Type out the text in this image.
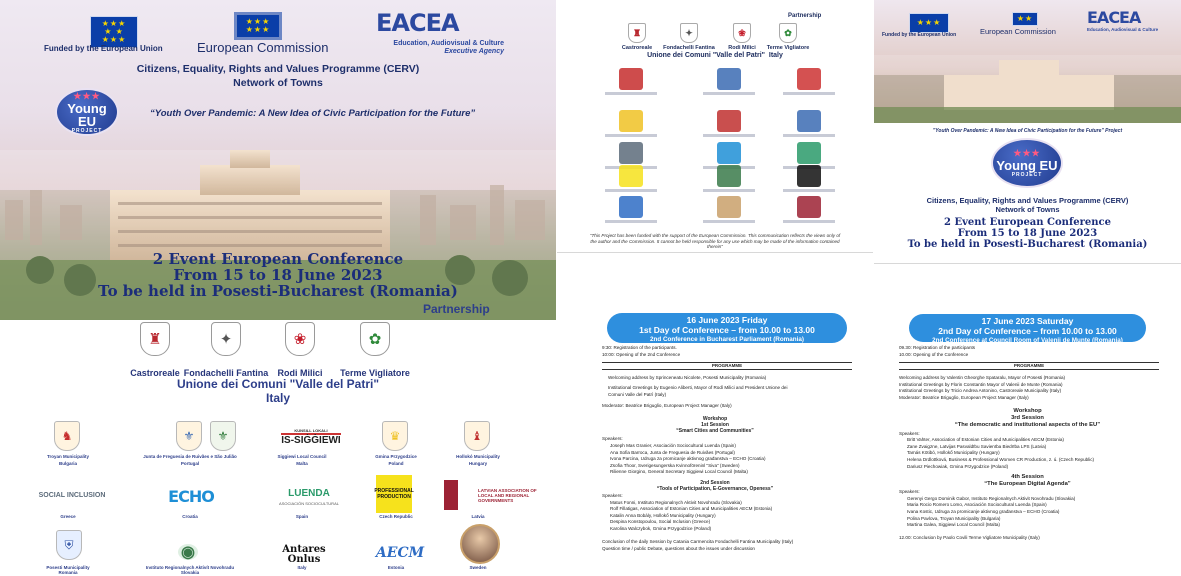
★★★
★ ★
★★★
Funded by the European Union
★★★
★★★
European Commission
EACEA
Education, Audiovisual & Culture
Executive Agency
Citizens, Equality, Rights and Values Programme (CERV)
Network of Towns
★★★
Young EU
PROJECT
“Youth Over Pandemic: A New Idea of Civic Participation for the Future”
2 Event European Conference
From 15 to 18 June 2023
To be held in Posesti-Bucharest (Romania)
Partnership
♜
Castroreale
✦
Fondachelli Fantina
❀
Rodi Milici
✿
Terme Vigliatore
Unione dei Comuni "Valle del Patri"
Italy
♞
Troyan Municipality
Bulgaria
⚜	⚜
Junta de Freguesia de Ruivães e São Julião
Portugal
KUNSILL LOKALI
IS-SIĠĠIEWI
Siggiewi Local Council
Malta
♛
Gmina Przygodzice
Poland
♝
Hollokó Municipality
Hungary
SOCIAL INCLUSION
Greece
ECHO
Croatia
LUENDA
ASOCIACIÓN SOCIOCULTURAL
Spain
PROFESSIONAL PRODUCTION
Czech Republic
LATVIAN ASSOCIATION OF LOCAL AND REGIONAL GOVERNMENTS
Latvia
⛨
Posesti Municipality
Romania
◉
Instituto Regionalnych Aktivít Novohradu
Slovakia
Antares Onlus
Italy
AECM
Estonia	Sweden
Partnership
♜
Castroreale
✦
Fondachelli Fantina
❀
Rodi Milici
✿
Terme Vigliatore
Unione dei Comuni "Valle del Patri" Italy
"This Project has been funded with the support of the European Commission. This communication reflects the views only of the author and the Commission. It cannot be held responsible for any use which may be made of the information contained therein"
16 June 2023 Friday
1st Day of Conference – from 10.00 to 13.00
2nd Conference in Bucharest Parliament (Romania)
9:30: Registration of the participants.
10:00: Opening of the 2nd Conference
PROGRAMME
Welcoming address by Sprinceneatu Nicolete, Posesti Municipality (Romania)
Institutional Greetings by Eugenio Aliberti, Mayor of Rodì Milici and President Unione dei
Comuni Valle del Patrì (Italy)
Moderator: Beatrice Briguglio, European Project Manager (Italy)
Workshop
1st Session
“Smart Cities and Communities”
Speakers:
Joseph Mas Granier, Asociación Sociocultural Luenda (Spain)
Ana Sofia Barroca, Junta de Freguesia de Ruivães (Portugal)
Ivona Parcina, Udruga za promicanje aktivnog građanstva – ECHO (Croatia)
Zsofia Thoor, Sverigesungerska Kvinnoföreninl "Siva" (Sweden)
Rilienne Giorgino, General Secretary Siggiewi Local Council (Malta)
2nd Session
“Tools of Participation, E-Governance, Openess”
Speakers:
Matus Fonni, Instituto Regionalnych Aktivit Novohradu (Slovakia)
Rolf Fillatigas, Association of Estonian Cities and Municipalities AECM (Estonia)
Katalin Anna Bobály, Hollokő Municipality (Hungary)
Despina Konstopoulou, Social Inclusion (Greece)
Karolina Walczybok, Gmina Przygodzice (Poland)
Conclusion of the daily Session by Catania Carmencita Fondachelli Fantina Municipality (Italy)
Question time / public Debate, questions about the issues under discussion
★★★
Funded by the European Union
★★
European Commission
EACEA
Education, Audiovisual & Culture
"Youth Over Pandemic: A New Idea of Civic Participation for the Future" Project
★★★
Young EU
PROJECT
Citizens, Equality, Rights and Values Programme (CERV)
Network of Towns
2 Event European Conference
From 15 to 18 June 2023
To be held in Posesti-Bucharest (Romania)
17 June 2023 Saturday
2nd Day of Conference – from 10.00 to 13.00
2nd Conference at Council Room of Valenii de Munte (Romania)
09.30: Registration of the participants
10.00: Opening of the Conference
PROGRAMME
Welcoming address by Valentin Gheorghe Spataralu, Mayor of Posesti (Romania)
Institutional Greetings by Florin Constantin Mayor of Valenii de Munte (Romania)
Institutional Greetings by Tricio Andrea Antonino, Castroreale Municipality (Italy)
Moderator: Beatrice Briguglio, European Project Manager (Italy)
Workshop
3rd Session
“The democratic and institutional aspects of the EU”
Speakers:
Britt Vahter, Association of Estonian Cities and Municipalities AECM (Estonia)
Zane Zvaigzne, Latvijas Pasvaldību Savienība Biedrība LPS (Latvia)
Tamás Kötibó, Hollokő Municipality (Hungary)
Helena Drdlottková, Business & Professional Women CR Production, z. ú. (Czech Republic)
Dariusz Piechowiak, Gmina Przygodzice (Poland)
4th Session
“The European Digital Agenda”
Speakers:
Gerenyi Gergo Dominik Gabor, Instituto Regionalnych Aktivit Novohradu (Slovakia)
Maria Rocio Romero Lomo, Asociación Sociocultural Luenda (Spain)
Ivana Kostic, Udruga za promicanje aktivnog građanstva – ECHO (Croatia)
Polina Pavlova, Troyan Municipality (Bulgaria)
Martina Galea, Siggiewi Local Council (Malta)
12.00: Conclusion by Paolo Covili Terme Vigliatore Municipality (Italy)
